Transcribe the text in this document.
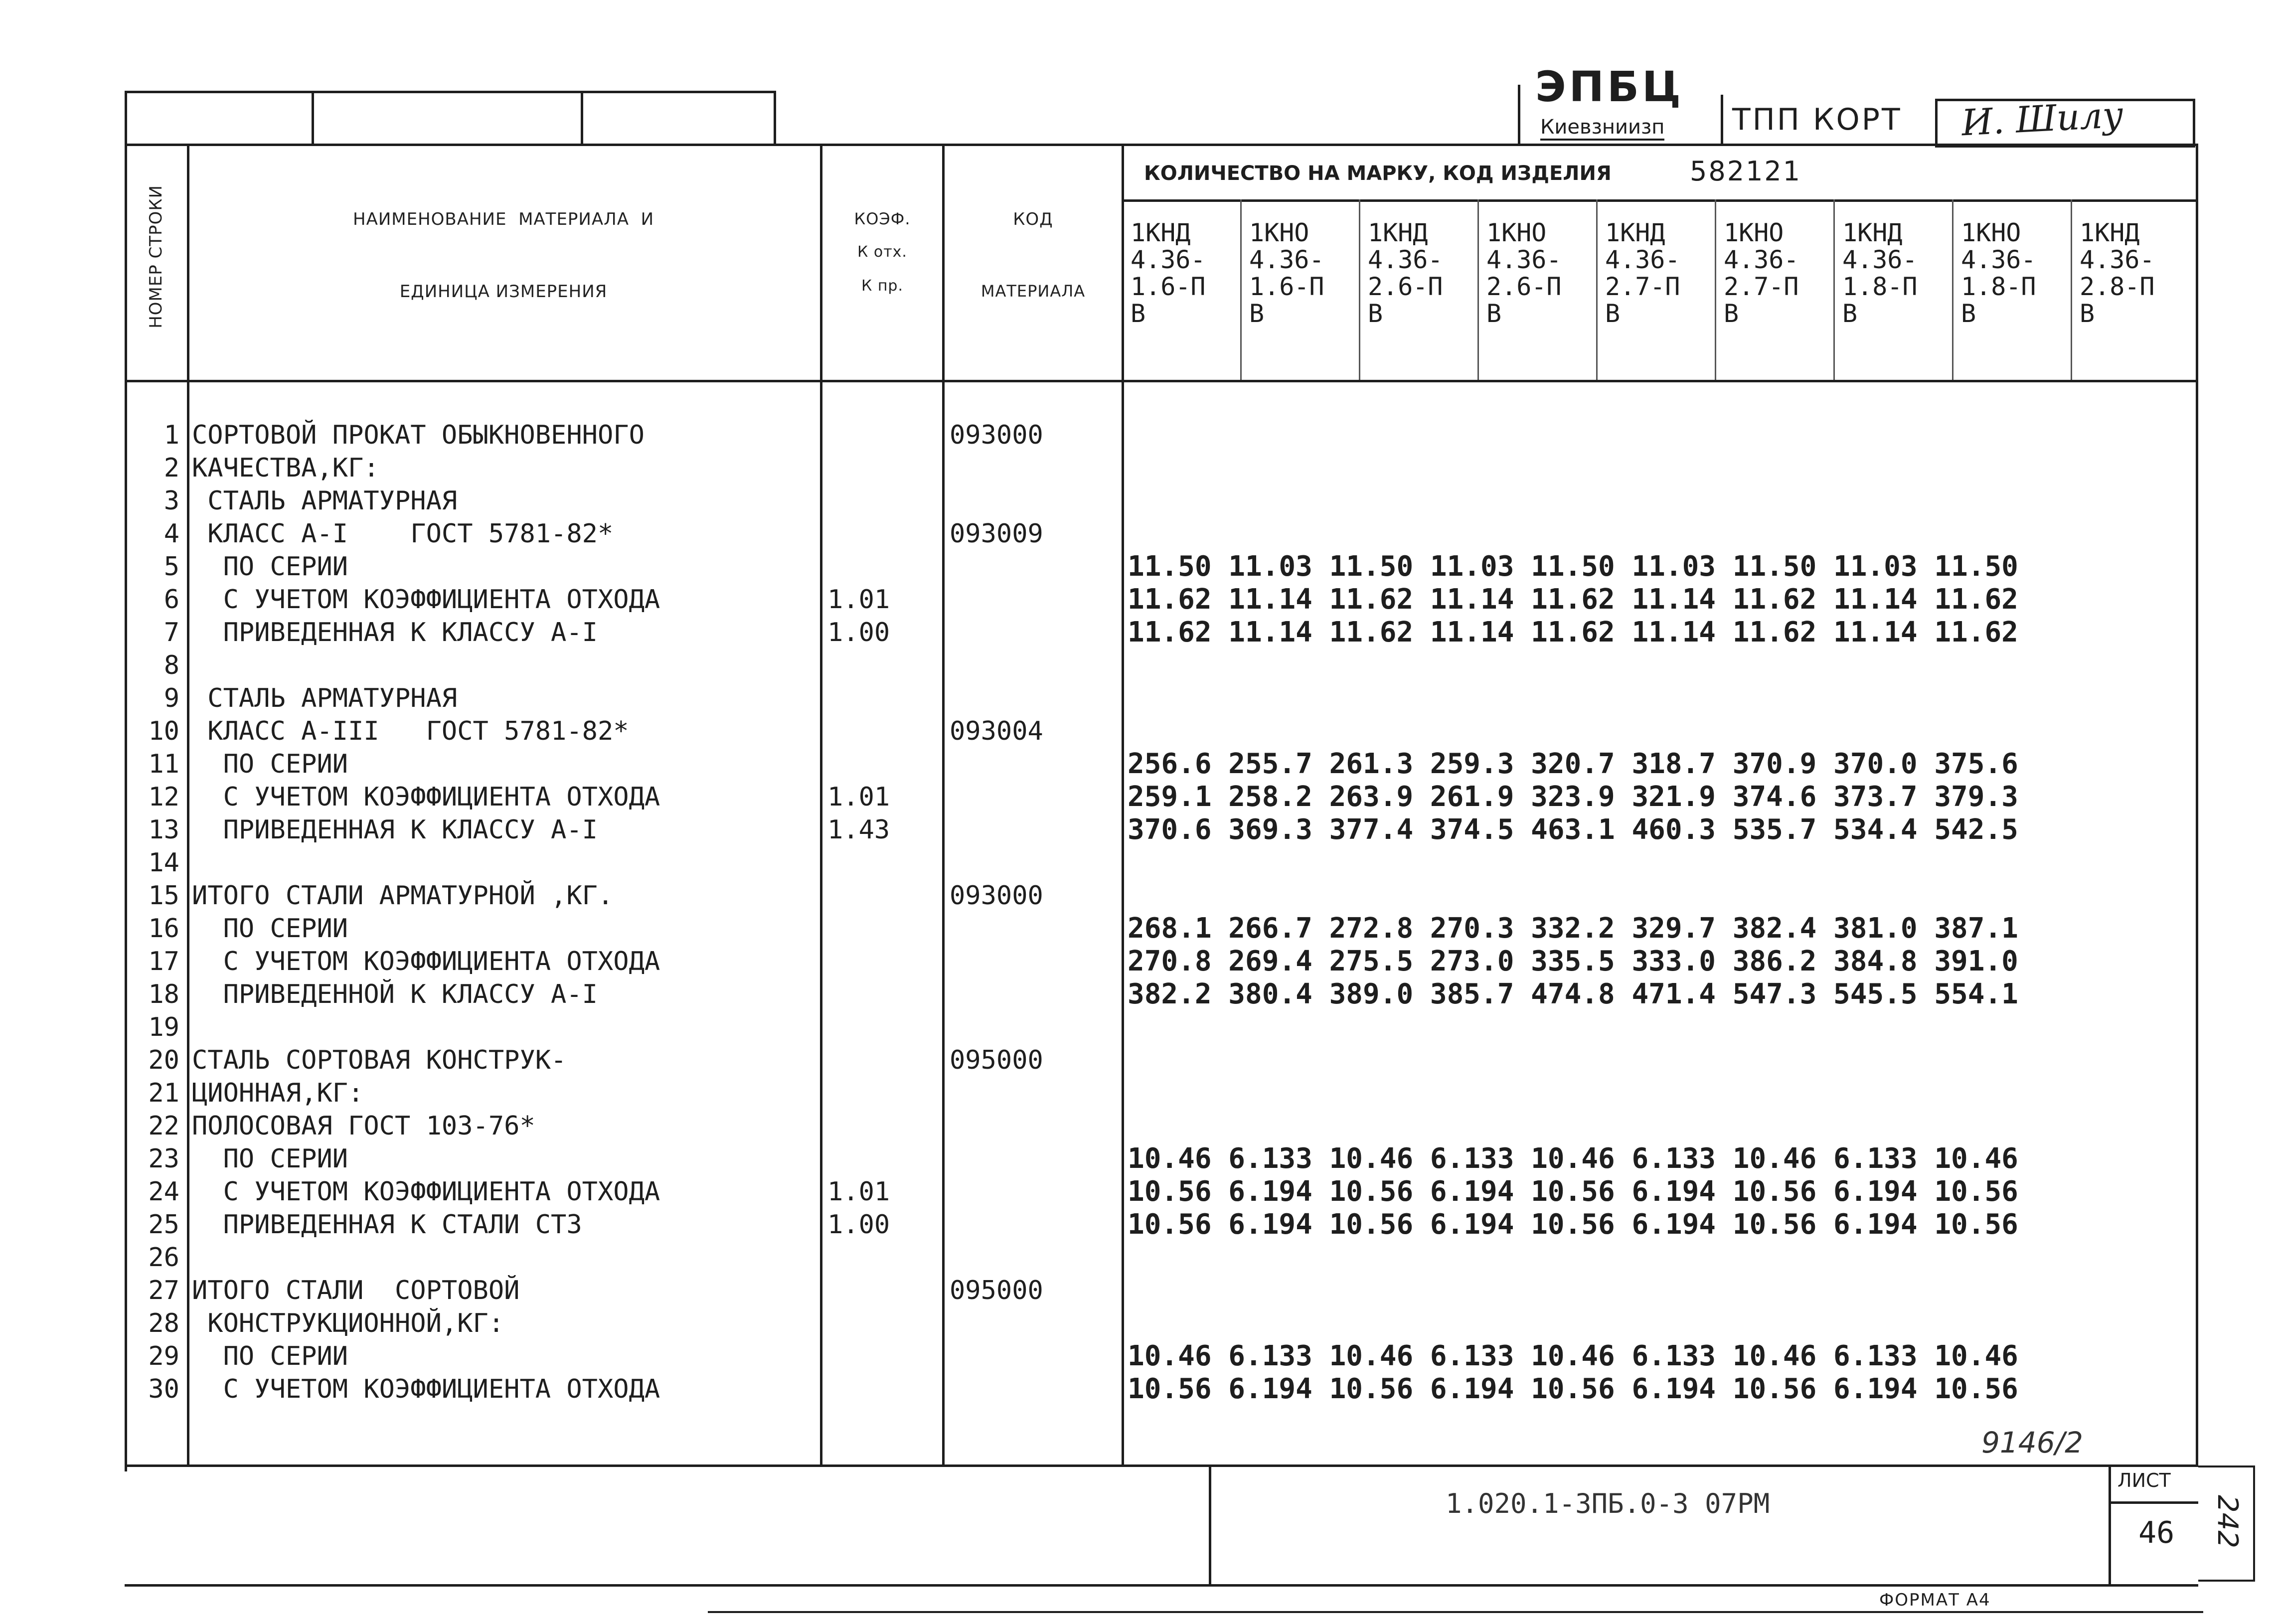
ЭПБЦ
Киевзниизп ТПП КОРТ И. Шилу
НОМЕР СТРОКИ	НАИМЕНОВАНИЕ  МАТЕРИАЛА  И
ЕДИНИЦА ИЗМЕРЕНИЯ
КОЭФ.
К отх.
К пр.
КОД
МАТЕРИАЛА
КОЛИЧЕСТВО НА МАРКУ, КОД ИЗДЕЛИЯ	582121
1КНД
4.36-
1.6-П
В
1КНО
4.36-
1.6-П
В
1КНД
4.36-
2.6-П
В
1КНО
4.36-
2.6-П
В
1КНД
4.36-
2.7-П
В
1КНО
4.36-
2.7-П
В
1КНД
4.36-
1.8-П
В
1КНО
4.36-
1.8-П
В
1КНД
4.36-
2.8-П
В
1
2
3
4
5
6
7
8
9
10
11
12
13
14
15
16
17
18
19
20
21
22
23
24
25
26
27
28
29
30
СОРТОВОЙ ПРОКАТ ОБЫКНОВЕННОГО
КАЧЕСТВА,КГ:
СТАЛЬ АРМАТУРНАЯ
КЛАСС А-I    ГОСТ 5781-82*
ПО СЕРИИ
С УЧЕТОМ КОЭФФИЦИЕНТА ОТХОДА
ПРИВЕДЕННАЯ К КЛАССУ А-I
СТАЛЬ АРМАТУРНАЯ
КЛАСС А-III   ГОСТ 5781-82*
ПО СЕРИИ
С УЧЕТОМ КОЭФФИЦИЕНТА ОТХОДА
ПРИВЕДЕННАЯ К КЛАССУ А-I
ИТОГО СТАЛИ АРМАТУРНОЙ ,КГ.
ПО СЕРИИ
С УЧЕТОМ КОЭФФИЦИЕНТА ОТХОДА
ПРИВЕДЕННОЙ К КЛАССУ А-I
СТАЛЬ СОРТОВАЯ КОНСТРУК-
ЦИОННАЯ,КГ:
ПОЛОСОВАЯ ГОСТ 103-76*
ПО СЕРИИ
С УЧЕТОМ КОЭФФИЦИЕНТА ОТХОДА
ПРИВЕДЕННАЯ К СТАЛИ СТ3
ИТОГО СТАЛИ  СОРТОВОЙ
КОНСТРУКЦИОННОЙ,КГ:
ПО СЕРИИ
С УЧЕТОМ КОЭФФИЦИЕНТА ОТХОДА
1.01
1.00
1.01
1.43
1.01
1.00
093000
093009
093004
093000
095000
095000
11.50 11.03 11.50 11.03 11.50 11.03 11.50 11.03 11.50
11.62 11.14 11.62 11.14 11.62 11.14 11.62 11.14 11.62
11.62 11.14 11.62 11.14 11.62 11.14 11.62 11.14 11.62
256.6 255.7 261.3 259.3 320.7 318.7 370.9 370.0 375.6
259.1 258.2 263.9 261.9 323.9 321.9 374.6 373.7 379.3
370.6 369.3 377.4 374.5 463.1 460.3 535.7 534.4 542.5
268.1 266.7 272.8 270.3 332.2 329.7 382.4 381.0 387.1
270.8 269.4 275.5 273.0 335.5 333.0 386.2 384.8 391.0
382.2 380.4 389.0 385.7 474.8 471.4 547.3 545.5 554.1
10.46 6.133 10.46 6.133 10.46 6.133 10.46 6.133 10.46
10.56 6.194 10.56 6.194 10.56 6.194 10.56 6.194 10.56
10.56 6.194 10.56 6.194 10.56 6.194 10.56 6.194 10.56
10.46 6.133 10.46 6.133 10.46 6.133 10.46 6.133 10.46
10.56 6.194 10.56 6.194 10.56 6.194 10.56 6.194 10.56
9146/2
1.020.1-3ПБ.0-3 07РМ
ЛИСТ
46 242
ФОРМАТ А4
